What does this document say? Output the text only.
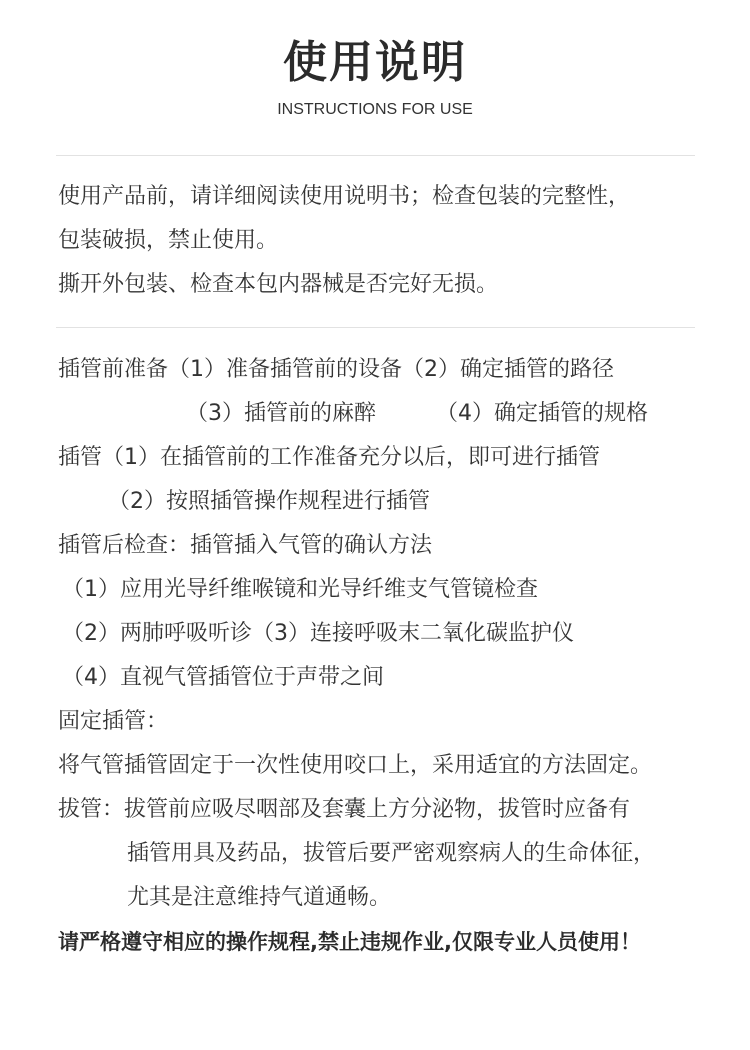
使用说明
INSTRUCTIONS FOR USE
使用产品前，请详细阅读使用说明书；检查包装的完整性，
包装破损，禁止使用。
撕开外包装、检查本包内器械是否完好无损。
插管前准备（1）准备插管前的设备（2）确定插管的路径
（3）插管前的麻醉	（4）确定插管的规格
插管（1）在插管前的工作准备充分以后，即可进行插管
（2）按照插管操作规程进行插管
插管后检查：插管插入气管的确认方法
（1）应用光导纤维喉镜和光导纤维支气管镜检查
（2）两肺呼吸听诊（3）连接呼吸末二氧化碳监护仪
（4）直视气管插管位于声带之间
固定插管：
将气管插管固定于一次性使用咬口上，采用适宜的方法固定。
拔管：拔管前应吸尽咽部及套囊上方分泌物，拔管时应备有
插管用具及药品，拔管后要严密观察病人的生命体征，
尤其是注意维持气道通畅。
请严格遵守相应的操作规程,禁止违规作业,仅限专业人员使用！
